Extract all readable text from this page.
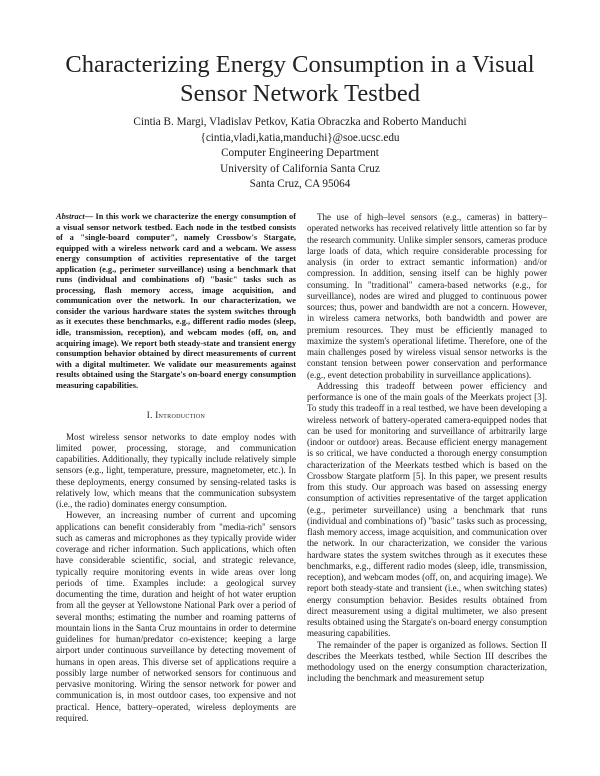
Characterizing Energy Consumption in a Visual Sensor Network Testbed
Cintia B. Margi, Vladislav Petkov, Katia Obraczka and Roberto Manduchi
{cintia,vladi,katia,manduchi}@soe.ucsc.edu
Computer Engineering Department
University of California Santa Cruz
Santa Cruz, CA 95064
Abstract— In this work we characterize the energy consumption of a visual sensor network testbed. Each node in the testbed consists of a "single-board computer", namely Crossbow's Stargate, equipped with a wireless network card and a webcam. We assess energy consumption of activities representative of the target application (e.g., perimeter surveillance) using a benchmark that runs (individual and combinations of) "basic" tasks such as processing, flash memory access, image acquisition, and communication over the network. In our characterization, we consider the various hardware states the system switches through as it executes these benchmarks, e.g., different radio modes (sleep, idle, transmission, reception), and webcam modes (off, on, and acquiring image). We report both steady-state and transient energy consumption behavior obtained by direct measurements of current with a digital multimeter. We validate our measurements against results obtained using the Stargate's on-board energy consumption measuring capabilities.
I. Introduction

Most wireless sensor networks to date employ nodes with limited power, processing, storage, and communication capabilities. Additionally, they typically include relatively simple sensors (e.g., light, temperature, pressure, magnetometer, etc.). In these deployments, energy consumed by sensing-related tasks is relatively low, which means that the communication subsystem (i.e., the radio) dominates energy consumption.

However, an increasing number of current and upcoming applications can benefit considerably from "media-rich" sensors such as cameras and microphones as they typically provide wider coverage and richer information. Such applications, which often have considerable scientific, social, and strategic relevance, typically require monitoring events in wide areas over long periods of time. Examples include: a geological survey documenting the time, duration and height of hot water eruption from all the geyser at Yellowstone National Park over a period of several months; estimating the number and roaming patterns of mountain lions in the Santa Cruz mountains in order to determine guidelines for human/predator co-existence; keeping a large airport under continuous surveillance by detecting movement of humans in open areas. This diverse set of applications require a possibly large number of networked sensors for continuous and pervasive monitoring. Wiring the sensor network for power and communication is, in most outdoor cases, too expensive and not practical. Hence, battery–operated, wireless deployments are required.

The use of high–level sensors (e.g., cameras) in battery–operated networks has received relatively little attention so far by the research community. Unlike simpler sensors, cameras produce large loads of data, which require considerable processing for analysis (in order to extract semantic information) and/or compression. In addition, sensing itself can be highly power consuming. In "traditional" camera-based networks (e.g., for surveillance), nodes are wired and plugged to continuous power sources; thus, power and bandwidth are not a concern. However, in wireless camera networks, both bandwidth and power are premium resources. They must be efficiently managed to maximize the system's operational lifetime. Therefore, one of the main challenges posed by wireless visual sensor networks is the constant tension between power conservation and performance (e.g., event detection probability in surveillance applications).

Addressing this tradeoff between power efficiency and performance is one of the main goals of the Meerkats project [3]. To study this tradeoff in a real testbed, we have been developing a wireless network of battery-operated camera-equipped nodes that can be used for monitoring and surveillance of arbitrarily large (indoor or outdoor) areas. Because efficient energy management is so critical, we have conducted a thorough energy consumption characterization of the Meerkats testbed which is based on the Crossbow Stargate platform [5]. In this paper, we present results from this study. Our approach was based on assessing energy consumption of activities representative of the target application (e.g., perimeter surveillance) using a benchmark that runs (individual and combinations of) "basic" tasks such as processing, flash memory access, image acquisition, and communication over the network. In our characterization, we consider the various hardware states the system switches through as it executes these benchmarks, e.g., different radio modes (sleep, idle, transmission, reception), and webcam modes (off, on, and acquiring image). We report both steady-state and transient (i.e., when switching states) energy consumption behavior. Besides results obtained from direct measurement using a digital multimeter, we also present results obtained using the Stargate's on-board energy consumption measuring capabilities.

The remainder of the paper is organized as follows. Section II describes the Meerkats testbed, while Section III describes the methodology used on the energy consumption characterization, including the benchmark and measurement setup
